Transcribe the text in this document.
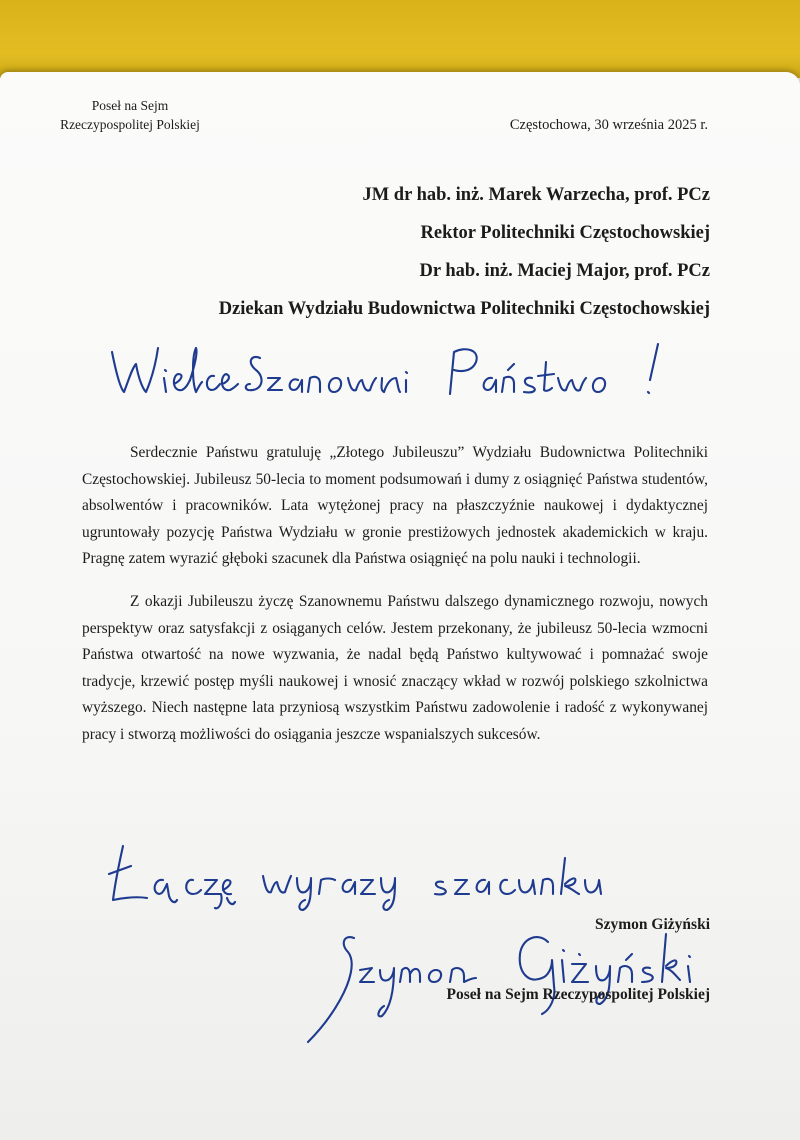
Poseł na Sejm
Rzeczypospolitej Polskiej	Częstochowa, 30 września 2025 r.
JM dr hab. inż. Marek Warzecha, prof. PCz
Rektor Politechniki Częstochowskiej
Dr hab. inż. Maciej Major, prof. PCz
Dziekan Wydziału Budownictwa Politechniki Częstochowskiej

Serdecznie Państwu gratuluję „Złotego Jubileuszu” Wydziału Budownictwa Politechniki Częstochowskiej. Jubileusz 50-lecia to moment podsumowań i dumy z osiągnięć Państwa studentów, absolwentów i pracowników. Lata wytężonej pracy na płaszczyźnie naukowej i dydaktycznej ugruntowały pozycję Państwa Wydziału w gronie prestiżowych jednostek akademickich w kraju. Pragnę zatem wyrazić głęboki szacunek dla Państwa osiągnięć na polu nauki i technologii.

Z okazji Jubileuszu życzę Szanownemu Państwu dalszego dynamicznego rozwoju, nowych perspektyw oraz satysfakcji z osiąganych celów. Jestem przekonany, że jubileusz 50-lecia wzmocni Państwa otwartość na nowe wyzwania, że nadal będą Państwo kultywować i pomnażać swoje tradycje, krzewić postęp myśli naukowej i wnosić znaczący wkład w rozwój polskiego szkolnictwa wyższego. Niech następne lata przyniosą wszystkim Państwu zadowolenie i radość z wykonywanej pracy i stworzą możliwości do osiągania jeszcze wspanialszych sukcesów.

Szymon Giżyński
Poseł na Sejm Rzeczypospolitej Polskiej
